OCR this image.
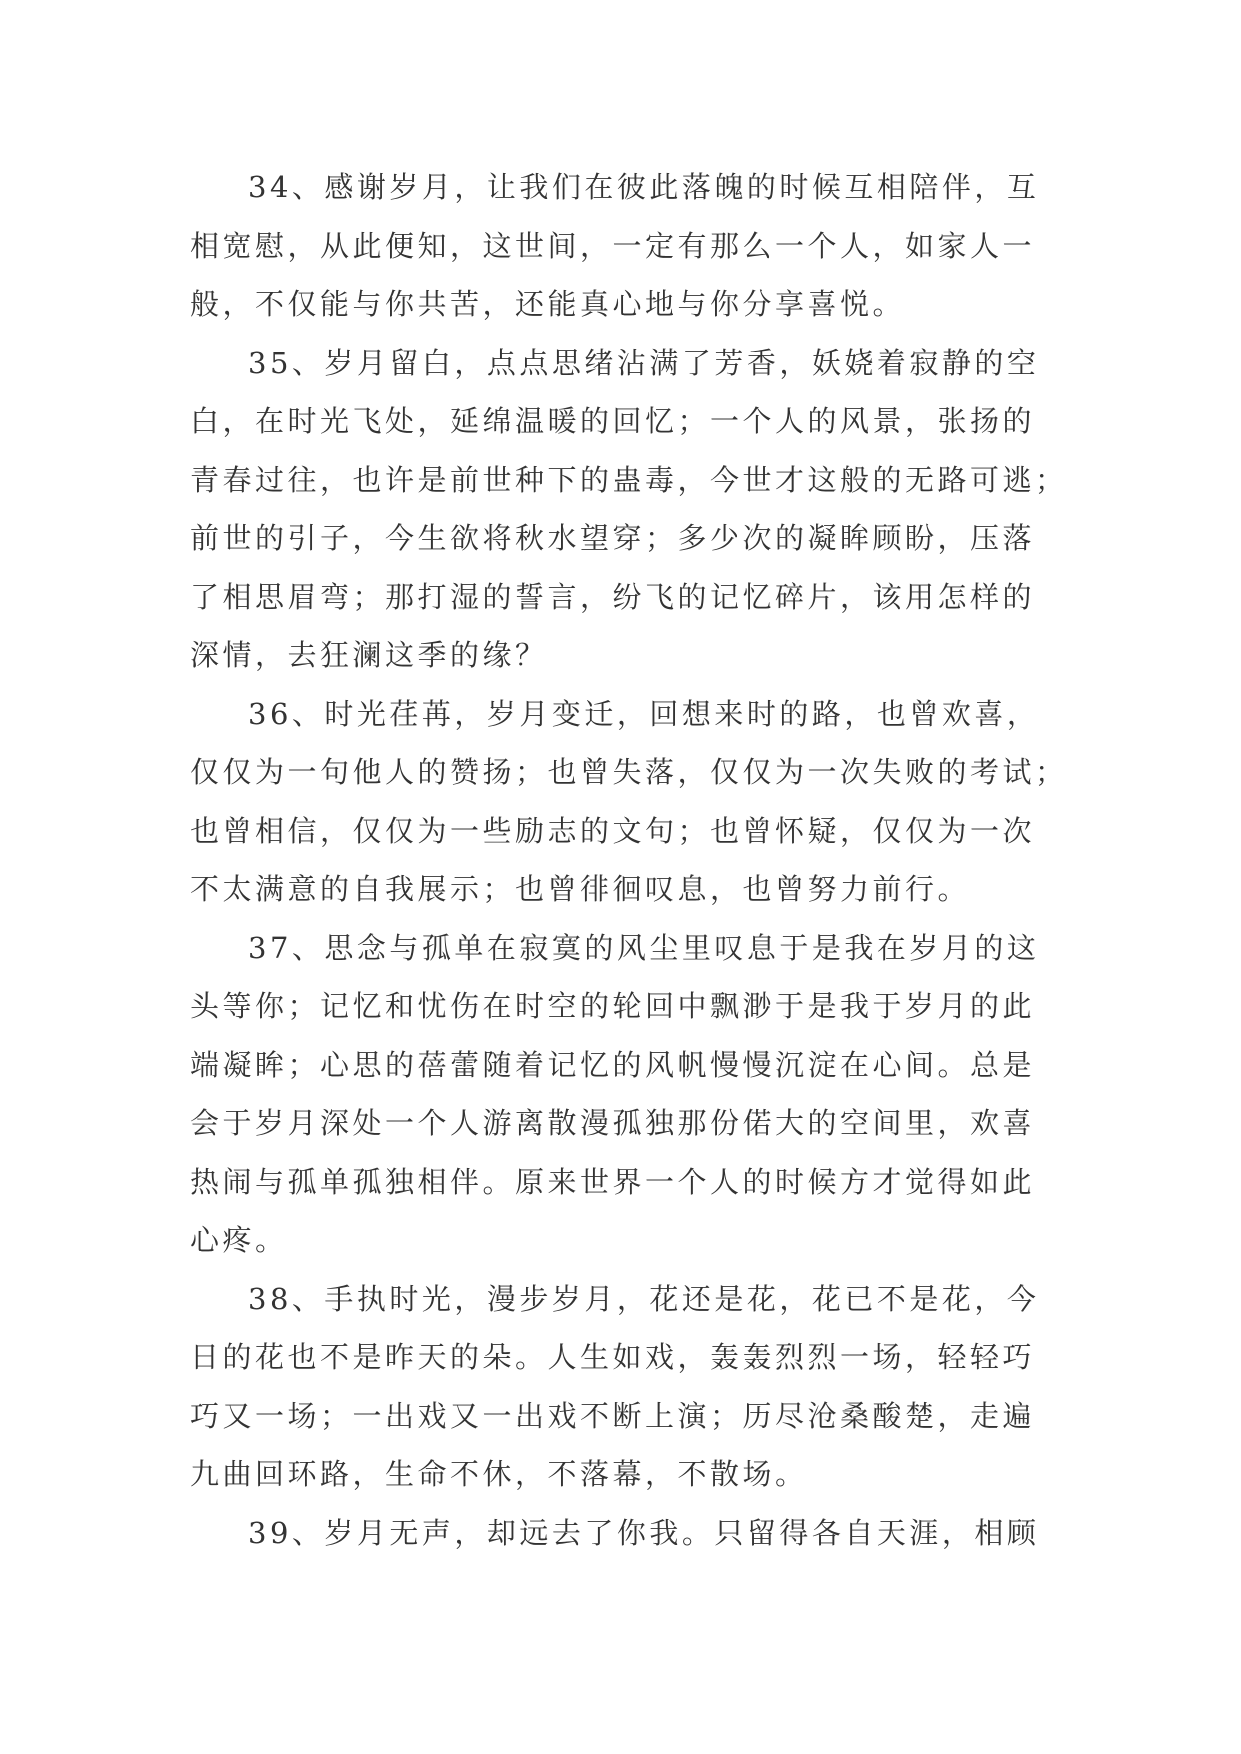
34、感谢岁月，让我们在彼此落魄的时候互相陪伴，互
相宽慰，从此便知，这世间，一定有那么一个人，如家人一
般，不仅能与你共苦，还能真心地与你分享喜悦。
35、岁月留白，点点思绪沾满了芳香，妖娆着寂静的空
白，在时光飞处，延绵温暖的回忆；一个人的风景，张扬的
青春过往，也许是前世种下的蛊毒，今世才这般的无路可逃；
前世的引子，今生欲将秋水望穿；多少次的凝眸顾盼，压落
了相思眉弯；那打湿的誓言，纷飞的记忆碎片，该用怎样的
深情，去狂澜这季的缘？
36、时光荏苒，岁月变迁，回想来时的路，也曾欢喜，
仅仅为一句他人的赞扬；也曾失落，仅仅为一次失败的考试；
也曾相信，仅仅为一些励志的文句；也曾怀疑，仅仅为一次
不太满意的自我展示；也曾徘徊叹息，也曾努力前行。
37、思念与孤单在寂寞的风尘里叹息于是我在岁月的这
头等你；记忆和忧伤在时空的轮回中飘渺于是我于岁月的此
端凝眸；心思的蓓蕾随着记忆的风帆慢慢沉淀在心间。总是
会于岁月深处一个人游离散漫孤独那份偌大的空间里，欢喜
热闹与孤单孤独相伴。原来世界一个人的时候方才觉得如此
心疼。
38、手执时光，漫步岁月，花还是花，花已不是花，今
日的花也不是昨天的朵。人生如戏，轰轰烈烈一场，轻轻巧
巧又一场；一出戏又一出戏不断上演；历尽沧桑酸楚，走遍
九曲回环路，生命不休，不落幕，不散场。
39、岁月无声，却远去了你我。只留得各自天涯，相顾
